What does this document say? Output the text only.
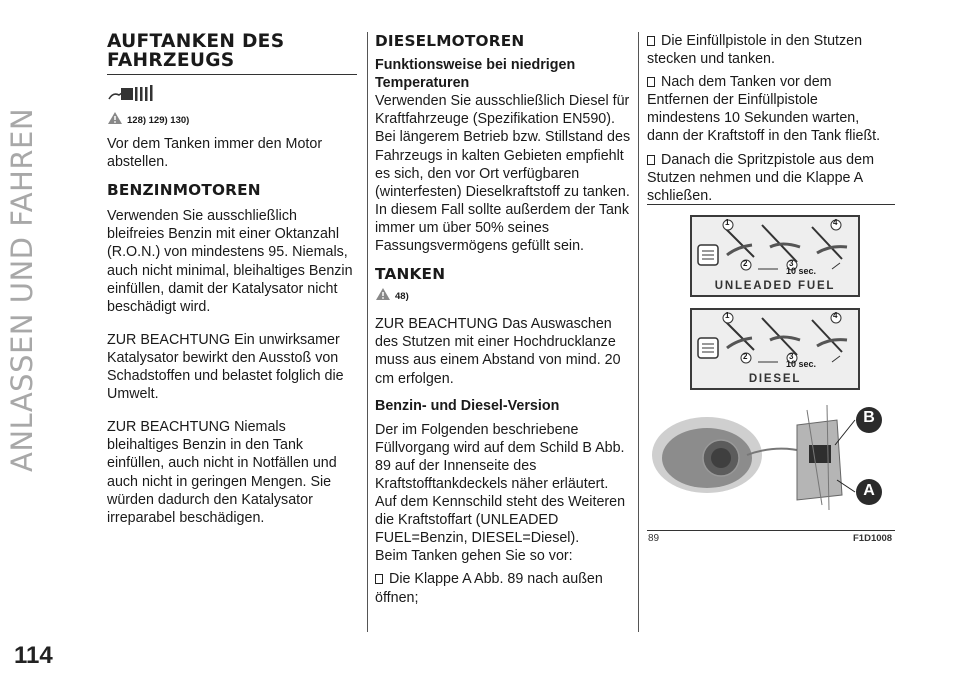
ANLASSEN UND FAHREN
114
AUFTANKEN DES FAHRZEUGS
128) 129) 130)

Vor dem Tanken immer den Motor abstellen.

BENZINMOTOREN

Verwenden Sie ausschließlich bleifreies Benzin mit einer Oktanzahl (R.O.N.) von mindestens 95. Niemals, auch nicht minimal, bleihaltiges Benzin einfüllen, damit der Katalysator nicht beschädigt wird.

ZUR BEACHTUNG Ein unwirksamer Katalysator bewirkt den Ausstoß von Schadstoffen und belastet folglich die Umwelt.

ZUR BEACHTUNG Niemals bleihaltiges Benzin in den Tank einfüllen, auch nicht in Notfällen und auch nicht in geringen Mengen. Sie würden dadurch den Katalysator irreparabel beschädigen.

DIESELMOTOREN

Funktionsweise bei niedrigen Temperaturen

Verwenden Sie ausschließlich Diesel für Kraftfahrzeuge (Spezifikation EN590). Bei längerem Betrieb bzw. Stillstand des Fahrzeugs in kalten Gebieten empfiehlt es sich, den vor Ort verfügbaren (winterfesten) Dieselkraftstoff zu tanken. In diesem Fall sollte außerdem der Tank immer um über 50% seines Fassungsvermögens gefüllt sein.

TANKEN
48)

ZUR BEACHTUNG Das Auswaschen des Stutzen mit einer Hochdrucklanze muss aus einem Abstand von mind. 20 cm erfolgen.

Benzin- und Diesel-Version

Der im Folgenden beschriebene Füllvorgang wird auf dem Schild B Abb. 89 auf der Innenseite des Kraftstofftankdeckels näher erläutert. Auf dem Kennschild steht des Weiteren die Kraftstoffart (UNLEADED FUEL=Benzin, DIESEL=Diesel).

Beim Tanken gehen Sie so vor:

Die Klappe A Abb. 89 nach außen öffnen;

Die Einfüllpistole in den Stutzen stecken und tanken.

Nach dem Tanken vor dem Entfernen der Einfüllpistole mindestens 10 Sekunden warten, dann der Kraftstoff in den Tank fließt.

Danach die Spritzpistole aus dem Stutzen nehmen und die Klappe A schließen.

1
2	3
4
10 sec.
UNLEADED FUEL
1
2	3
4
10 sec.
DIESEL
B
A
89	F1D1008
